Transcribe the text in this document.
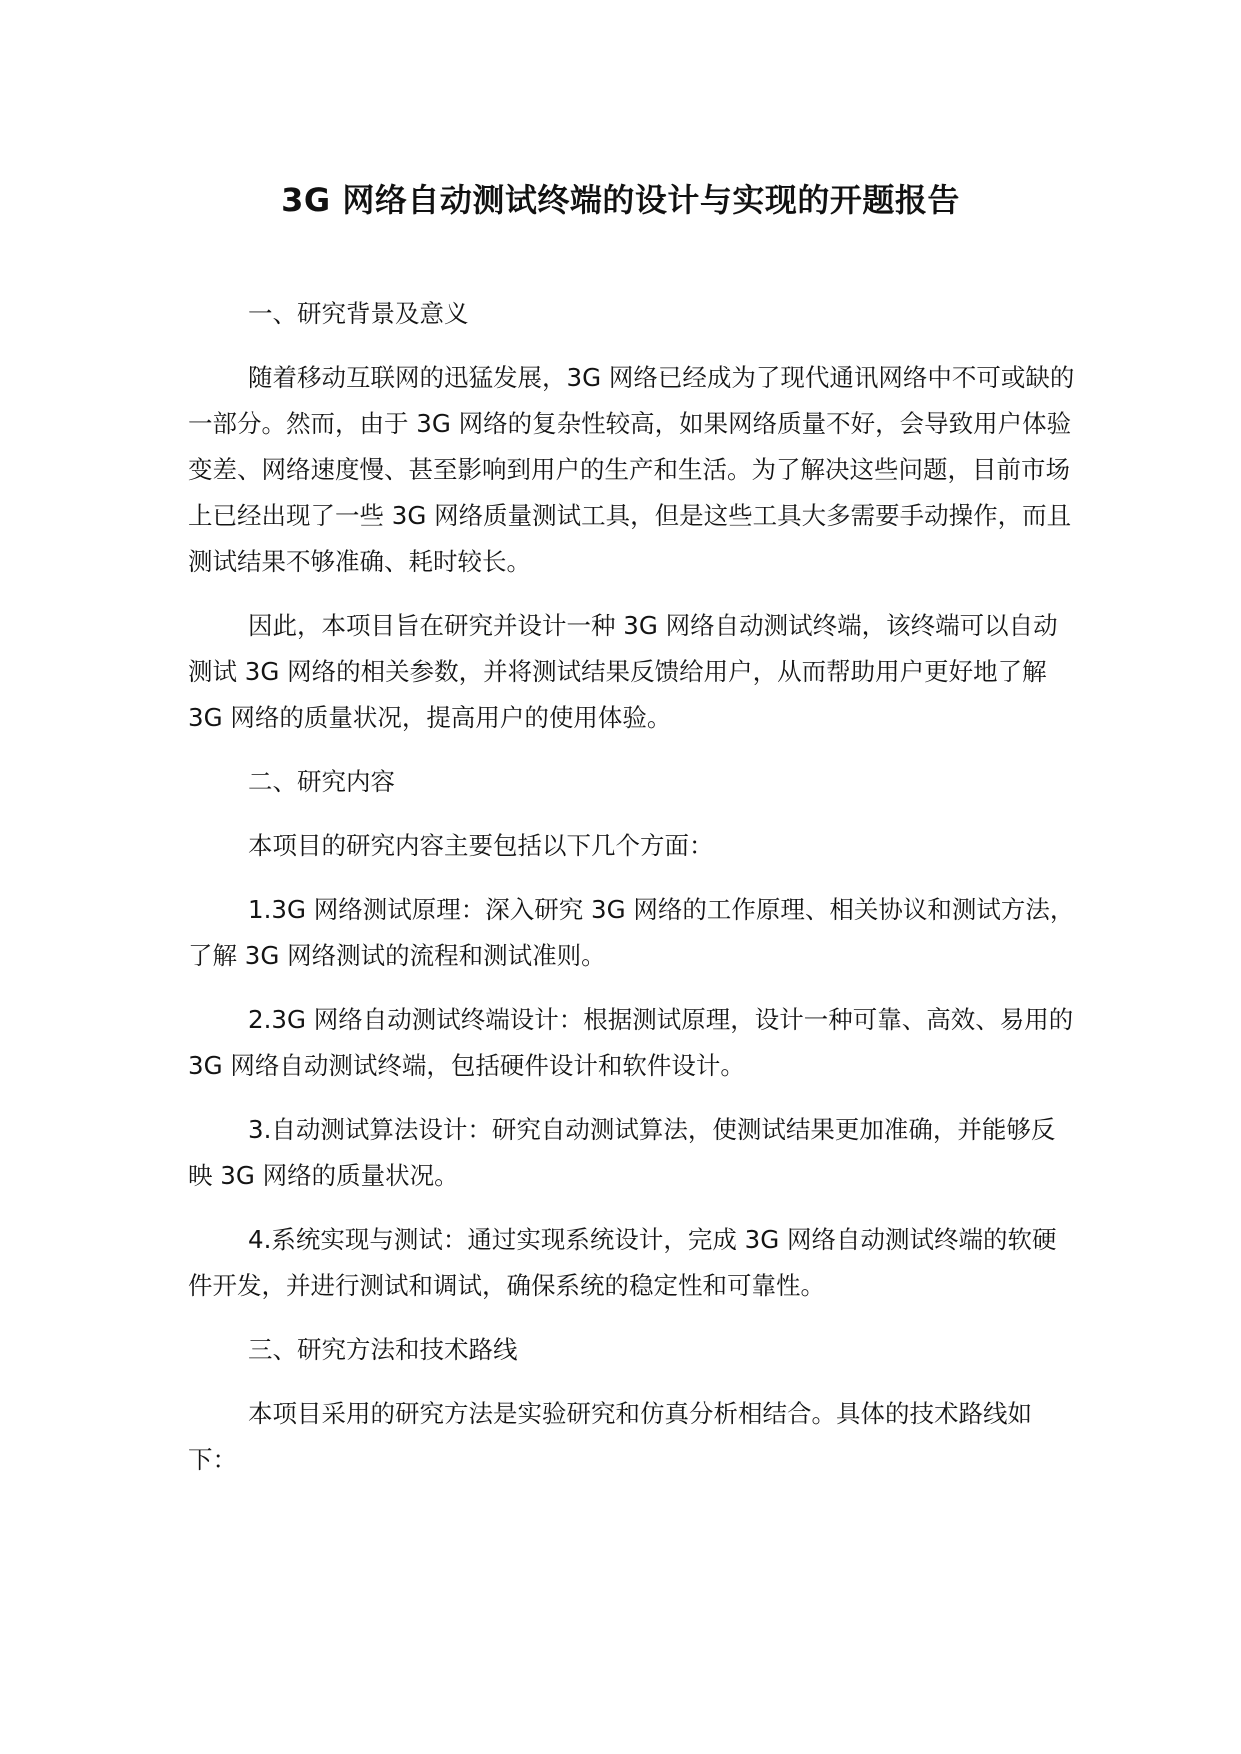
3G 网络自动测试终端的设计与实现的开题报告

一、研究背景及意义

随着移动互联网的迅猛发展，3G 网络已经成为了现代通讯网络中不可或缺的一部分。然而，由于 3G 网络的复杂性较高，如果网络质量不好，会导致用户体验变差、网络速度慢、甚至影响到用户的生产和生活。为了解决这些问题，目前市场上已经出现了一些 3G 网络质量测试工具，但是这些工具大多需要手动操作，而且测试结果不够准确、耗时较长。

因此，本项目旨在研究并设计一种 3G 网络自动测试终端，该终端可以自动测试 3G 网络的相关参数，并将测试结果反馈给用户，从而帮助用户更好地了解 3G 网络的质量状况，提高用户的使用体验。

二、研究内容

本项目的研究内容主要包括以下几个方面：

1.3G 网络测试原理：深入研究 3G 网络的工作原理、相关协议和测试方法，了解 3G 网络测试的流程和测试准则。

2.3G 网络自动测试终端设计：根据测试原理，设计一种可靠、高效、易用的 3G 网络自动测试终端，包括硬件设计和软件设计。

3.自动测试算法设计：研究自动测试算法，使测试结果更加准确，并能够反映 3G 网络的质量状况。

4.系统实现与测试：通过实现系统设计，完成 3G 网络自动测试终端的软硬件开发，并进行测试和调试，确保系统的稳定性和可靠性。

三、研究方法和技术路线

本项目采用的研究方法是实验研究和仿真分析相结合。具体的技术路线如下：
